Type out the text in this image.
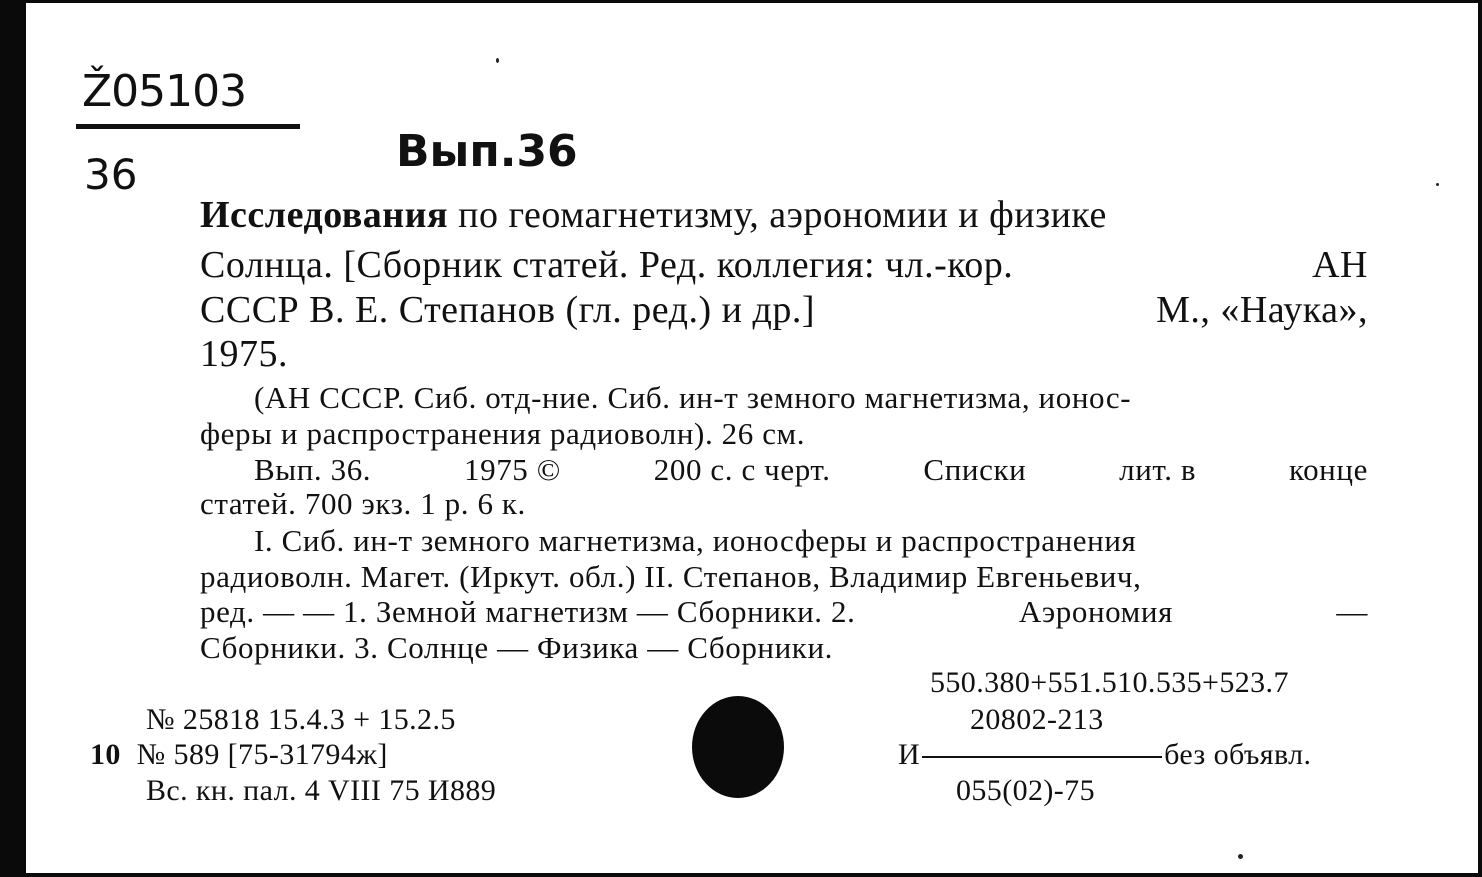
Ž05103
36	Вып.36
Исследования по геомагнетизму, аэрономии и физике
Солнца. [Сборник статей. Ред. коллегия: чл.-кор.	АН
СССР В. Е. Степанов (гл. ред.) и др.]	М., «Наука»,
1975.
(АН СССР. Сиб. отд-ние. Сиб. ин-т земного магнетизма, ионос-
феры и распространения радиоволн). 26 см.
Вып. 36.	1975 ©	200 с. с черт.	Списки	лит. в	конце
статей. 700 экз. 1 р. 6 к.
I. Сиб. ин-т земного магнетизма, ионосферы и распространения
радиоволн. Магет. (Иркут. обл.) II. Степанов, Владимир Евгеньевич,
ред. — — 1. Земной магнетизм — Сборники. 2.	Аэрономия	—
Сборники. 3. Солнце — Физика — Сборники.
550.380+551.510.535+523.7
20802-213
И	без объявл.
055(02)-75
№ 25818 15.4.3 + 15.2.5
10 № 589 [75-31794ж]
Вс. кн. пал. 4 VIII 75 И889
